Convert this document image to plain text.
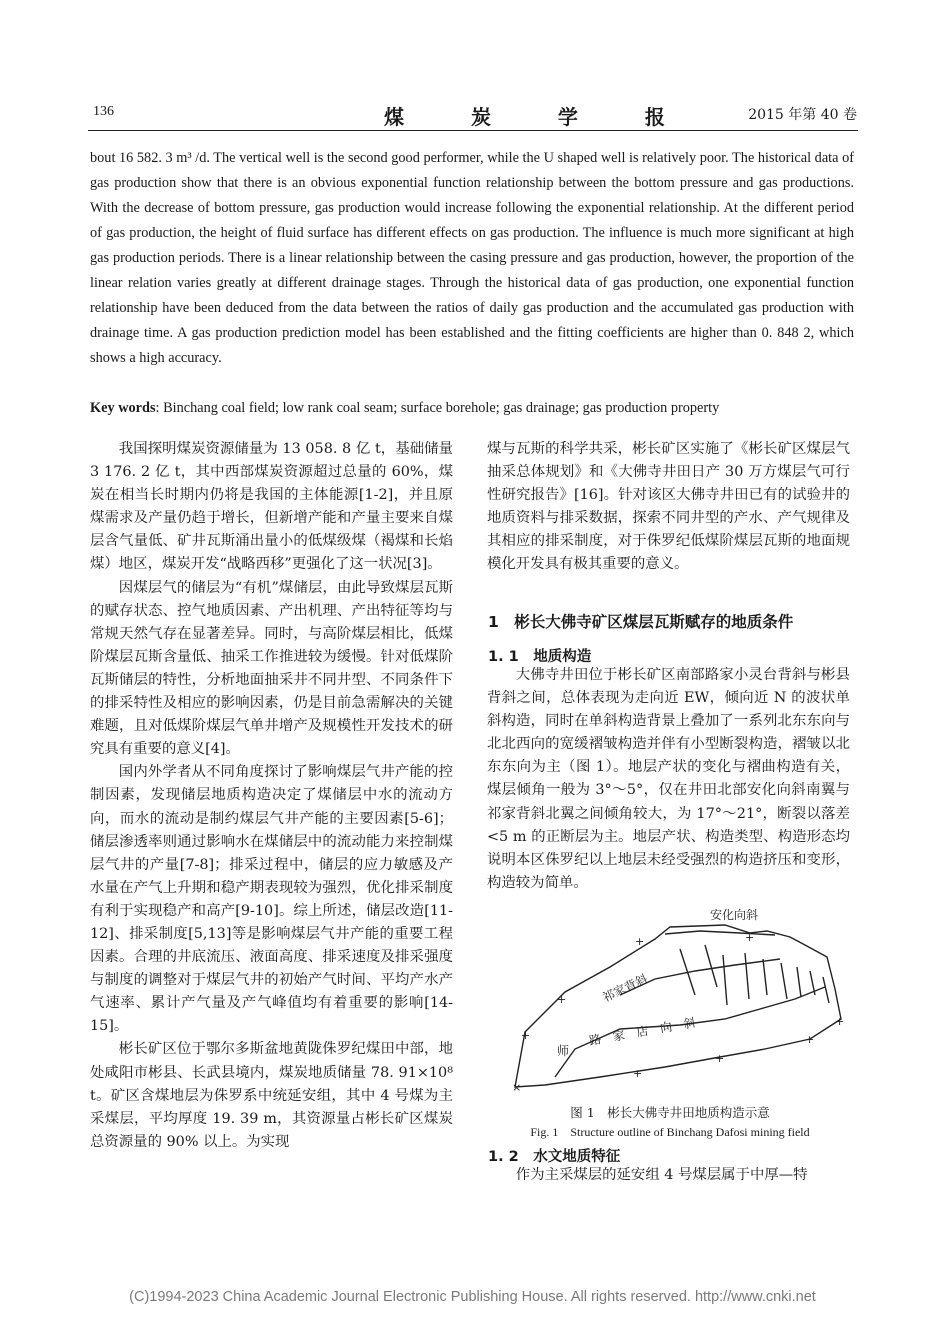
136	煤 炭 学 报	2015 年第 40 卷

bout 16 582. 3 m³ /d. The vertical well is the second good performer, while the U shaped well is relatively poor. The historical data of gas production show that there is an obvious exponential function relationship between the bottom pressure and gas productions. With the decrease of bottom pressure, gas production would increase following the exponential relationship. At the different period of gas production, the height of fluid surface has different effects on gas production. The influence is much more significant at high gas production periods. There is a linear relationship between the casing pressure and gas production, however, the proportion of the linear relation varies greatly at different drainage stages. Through the historical data of gas production, one exponential function relationship have been deduced from the data between the ratios of daily gas production and the accumulated gas production with drainage time. A gas production prediction model has been established and the fitting coefficients are higher than 0. 848 2, which shows a high accuracy.

Key words: Binchang coal field; low rank coal seam; surface borehole; gas drainage; gas production property

我国探明煤炭资源储量为 13 058. 8 亿 t，基础储量 3 176. 2 亿 t，其中西部煤炭资源超过总量的 60%，煤炭在相当长时期内仍将是我国的主体能源[1-2]，并且原煤需求及产量仍趋于增长，但新增产能和产量主要来自煤层含气量低、矿井瓦斯涌出量小的低煤级煤（褐煤和长焰煤）地区，煤炭开发“战略西移”更强化了这一状况[3]。

因煤层气的储层为“有机”煤储层，由此导致煤层瓦斯的赋存状态、控气地质因素、产出机理、产出特征等均与常规天然气存在显著差异。同时，与高阶煤层相比，低煤阶煤层瓦斯含量低、抽采工作推进较为缓慢。针对低煤阶瓦斯储层的特性，分析地面抽采井不同井型、不同条件下的排采特性及相应的影响因素，仍是目前急需解决的关键难题，且对低煤阶煤层气单井增产及规模性开发技术的研究具有重要的意义[4]。

国内外学者从不同角度探讨了影响煤层气井产能的控制因素，发现储层地质构造决定了煤储层中水的流动方向，而水的流动是制约煤层气井产能的主要因素[5-6]；储层渗透率则通过影响水在煤储层中的流动能力来控制煤层气井的产量[7-8]；排采过程中，储层的应力敏感及产水量在产气上升期和稳产期表现较为强烈，优化排采制度有利于实现稳产和高产[9-10]。综上所述，储层改造[11-12]、排采制度[5,13]等是影响煤层气井产能的重要工程因素。合理的井底流压、液面高度、排采速度及排采强度与制度的调整对于煤层气井的初始产气时间、平均产水产气速率、累计产气量及产气峰值均有着重要的影响[14-15]。

彬长矿区位于鄂尔多斯盆地黄陇侏罗纪煤田中部，地处咸阳市彬县、长武县境内，煤炭地质储量 78. 91×10⁸ t。矿区含煤地层为侏罗系中统延安组，其中 4 号煤为主采煤层，平均厚度 19. 39 m，其资源量占彬长矿区煤炭总资源量的 90% 以上。为实现

煤与瓦斯的科学共采，彬长矿区实施了《彬长矿区煤层气抽采总体规划》和《大佛寺井田日产 30 万方煤层气可行性研究报告》[16]。针对该区大佛寺井田已有的试验井的地质资料与排采数据，探索不同井型的产水、产气规律及其相应的排采制度，对于侏罗纪低煤阶煤层瓦斯的地面规模化开发具有极其重要的意义。

1　彬长大佛寺矿区煤层瓦斯赋存的地质条件
1. 1　地质构造

大佛寺井田位于彬长矿区南部路家小灵台背斜与彬县背斜之间，总体表现为走向近 EW，倾向近 N 的波状单斜构造，同时在单斜构造背景上叠加了一系列北东东向与北北西向的宽缓褶皱构造并伴有小型断裂构造，褶皱以北东东向为主（图 1）。地层产状的变化与褶曲构造有关，煤层倾角一般为 3°～5°，仅在井田北部安化向斜南翼与祁家背斜北翼之间倾角较大，为 17°～21°，断裂以落差<5 m 的正断层为主。地层产状、构造类型、构造形态均说明本区侏罗纪以上地层未经受强烈的构造挤压和变形，构造较为简单。

+
+
+
×
+
+
+
+
+
安化向斜
祁家背斜
路家店向斜
师
图 1　彬长大佛寺井田地质构造示意
Fig. 1　Structure outline of Binchang Dafosi mining field
1. 2　水文地质特征

作为主采煤层的延安组 4 号煤层属于中厚—特

(C)1994-2023 China Academic Journal Electronic Publishing House. All rights reserved. http://www.cnki.net
